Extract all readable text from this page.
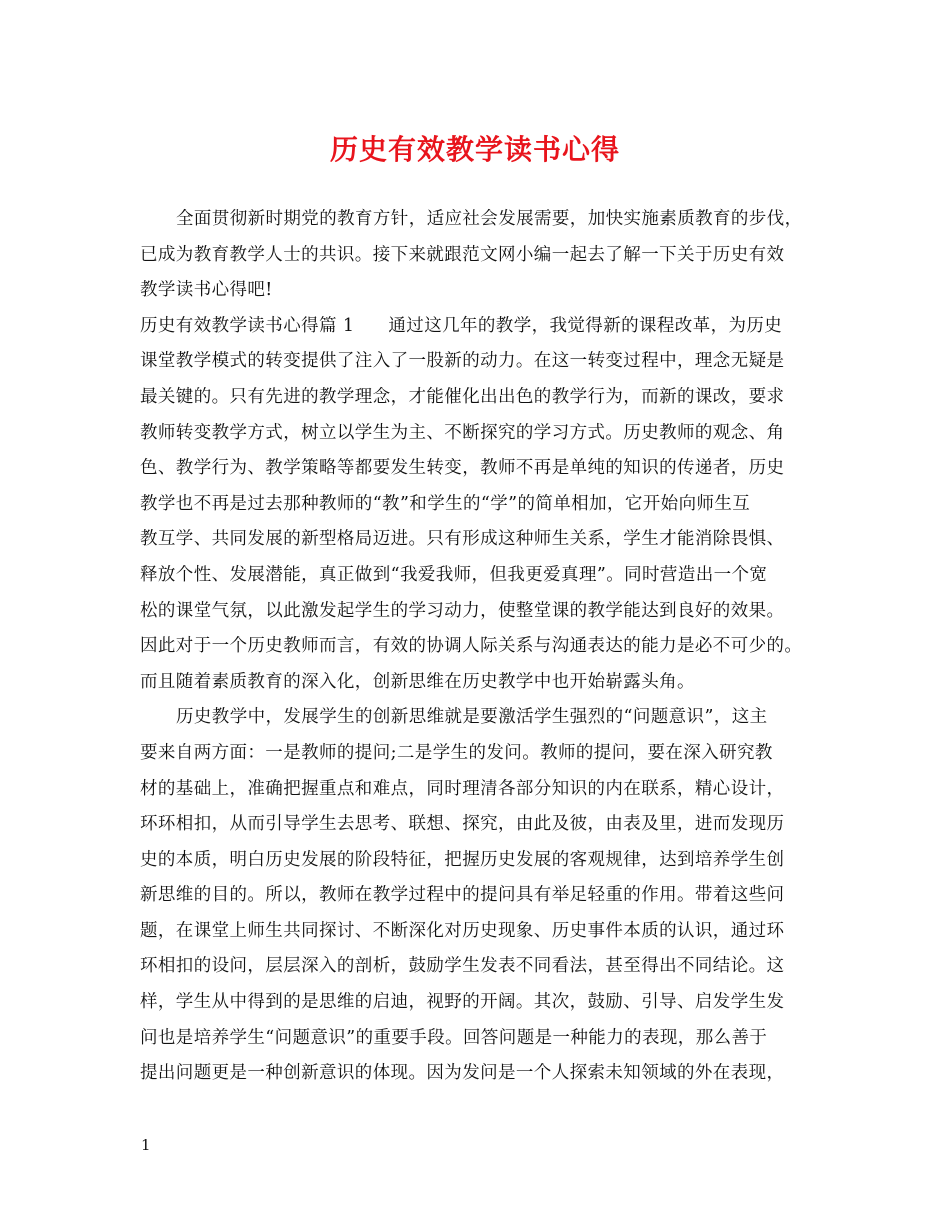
历史有效教学读书心得
全面贯彻新时期党的教育方针，适应社会发展需要，加快实施素质教育的步伐，
已成为教育教学人士的共识。接下来就跟范文网小编一起去了解一下关于历史有效
教学读书心得吧!
历史有效教学读书心得篇 1 通过这几年的教学，我觉得新的课程改革，为历史
课堂教学模式的转变提供了注入了一股新的动力。在这一转变过程中，理念无疑是
最关键的。只有先进的教学理念，才能催化出出色的教学行为，而新的课改，要求
教师转变教学方式，树立以学生为主、不断探究的学习方式。历史教师的观念、角
色、教学行为、教学策略等都要发生转变，教师不再是单纯的知识的传递者，历史
教学也不再是过去那种教师的“教”和学生的“学”的简单相加，它开始向师生互
教互学、共同发展的新型格局迈进。只有形成这种师生关系，学生才能消除畏惧、
释放个性、发展潜能，真正做到“我爱我师，但我更爱真理”。同时营造出一个宽
松的课堂气氛，以此激发起学生的学习动力，使整堂课的教学能达到良好的效果。
因此对于一个历史教师而言，有效的协调人际关系与沟通表达的能力是必不可少的。
而且随着素质教育的深入化，创新思维在历史教学中也开始崭露头角。
历史教学中，发展学生的创新思维就是要激活学生强烈的“问题意识”，这主
要来自两方面：一是教师的提问;二是学生的发问。教师的提问，要在深入研究教
材的基础上，准确把握重点和难点，同时理清各部分知识的内在联系，精心设计，
环环相扣，从而引导学生去思考、联想、探究，由此及彼，由表及里，进而发现历
史的本质，明白历史发展的阶段特征，把握历史发展的客观规律，达到培养学生创
新思维的目的。所以，教师在教学过程中的提问具有举足轻重的作用。带着这些问
题，在课堂上师生共同探讨、不断深化对历史现象、历史事件本质的认识，通过环
环相扣的设问，层层深入的剖析，鼓励学生发表不同看法，甚至得出不同结论。这
样，学生从中得到的是思维的启迪，视野的开阔。其次，鼓励、引导、启发学生发
问也是培养学生“问题意识”的重要手段。回答问题是一种能力的表现，那么善于
提出问题更是一种创新意识的体现。因为发问是一个人探索未知领域的外在表现，
1
